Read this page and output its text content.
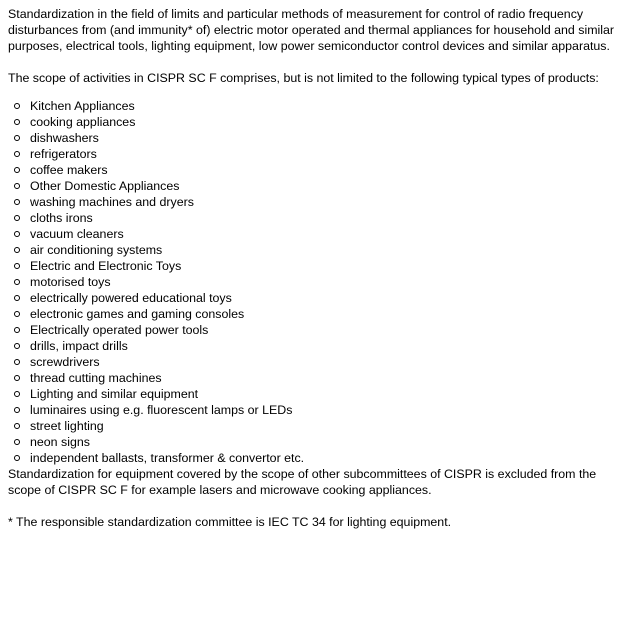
Standardization in the field of limits and particular methods of measurement for control of radio frequency disturbances from (and immunity* of) electric motor operated and thermal appliances for household and similar purposes, electrical tools, lighting equipment, low power semiconductor control devices and similar apparatus.

The scope of activities in CISPR SC F comprises, but is not limited to the following typical types of products:

Kitchen Appliances
cooking appliances
dishwashers
refrigerators
coffee makers
Other Domestic Appliances
washing machines and dryers
cloths irons
vacuum cleaners
air conditioning systems
Electric and Electronic Toys
motorised toys
electrically powered educational toys
electronic games and gaming consoles
Electrically operated power tools
drills, impact drills
screwdrivers
thread cutting machines
Lighting and similar equipment
luminaires using e.g. fluorescent lamps or LEDs
street lighting
neon signs
independent ballasts, transformer & convertor etc.

Standardization for equipment covered by the scope of other subcommittees of CISPR is excluded from the scope of CISPR SC F for example lasers and microwave cooking appliances.

* The responsible standardization committee is IEC TC 34 for lighting equipment.
